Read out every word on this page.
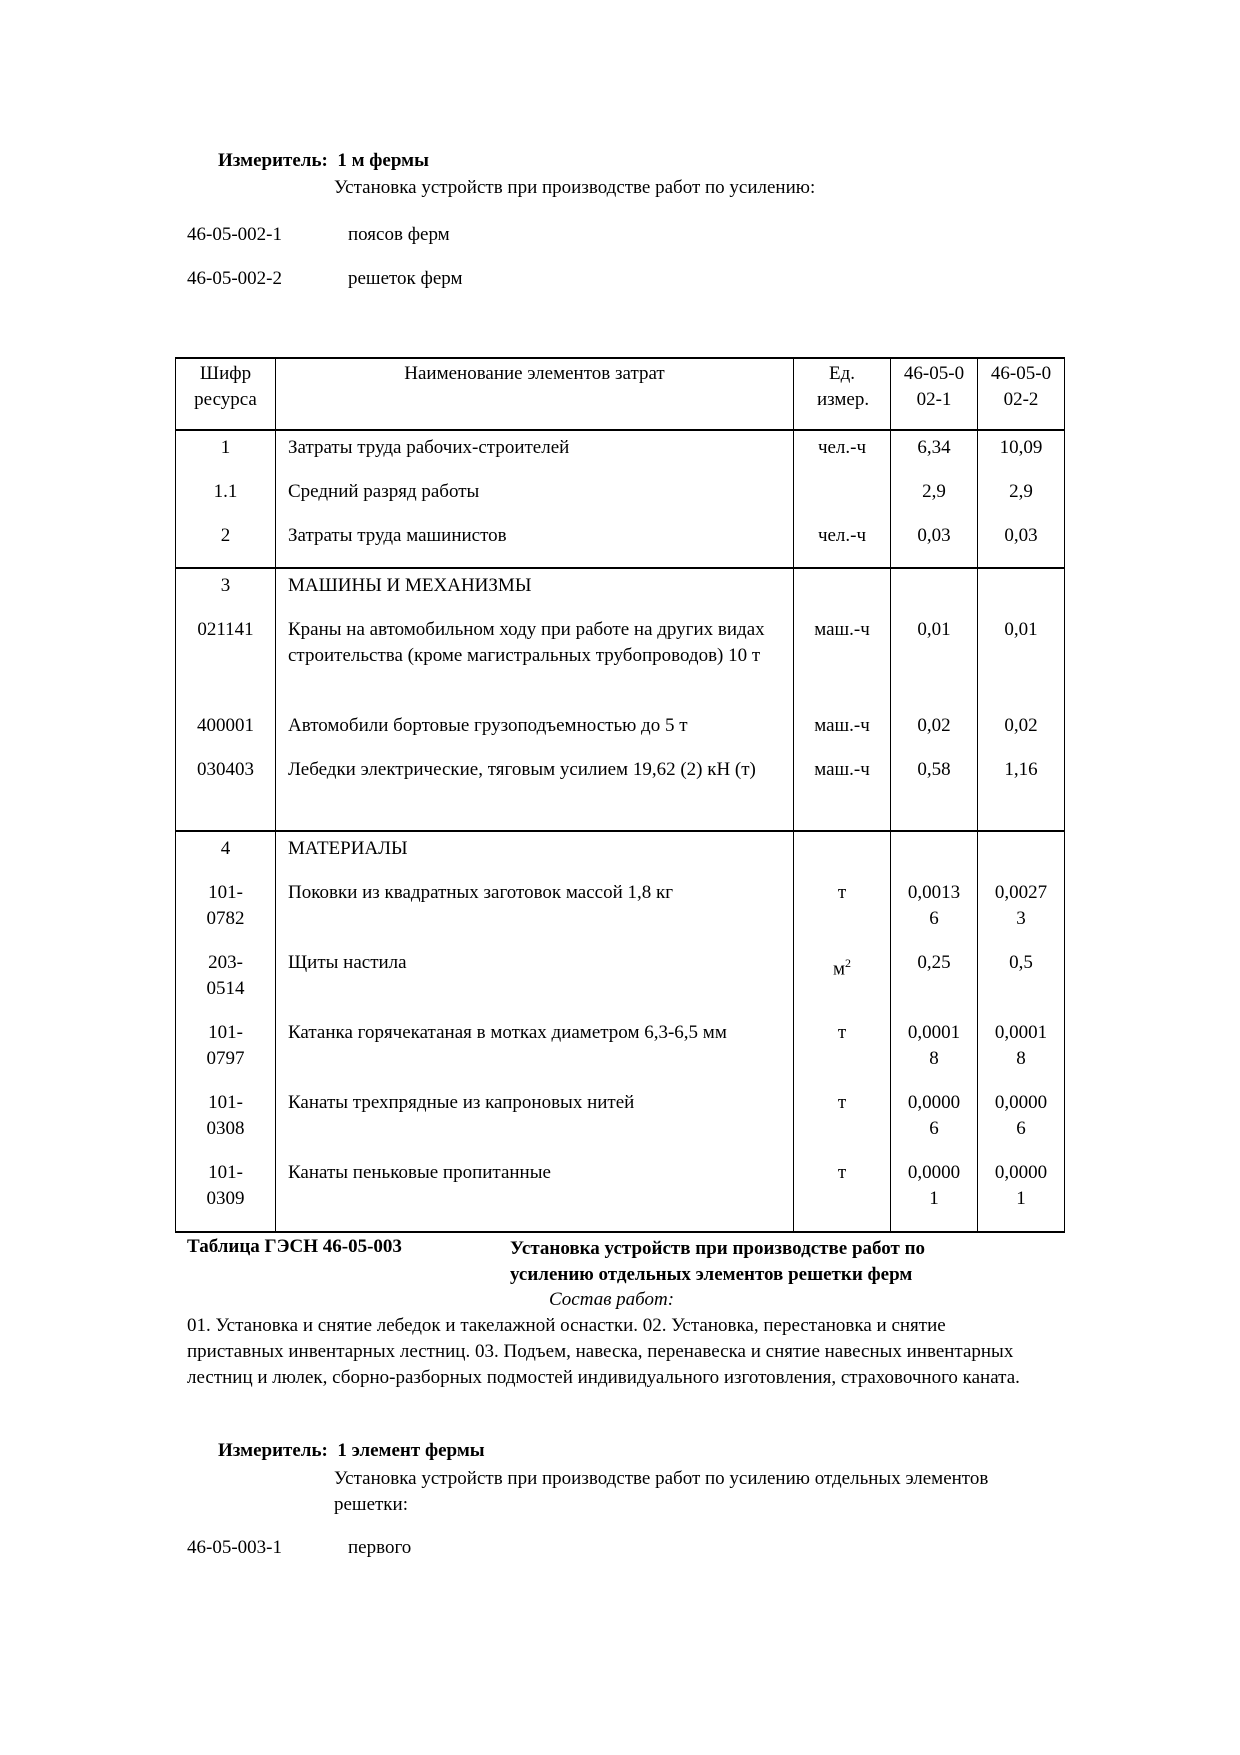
Измеритель: 1 м фермы
Установка устройств при производстве работ по усилению:
46-05-002-1	поясов ферм
46-05-002-2	решеток ферм
Шифр ресурса	Наименование элементов затрат	Ед. измер.	46-05-002-1	46-05-002-2
1	Затраты труда рабочих-строителей	чел.-ч	6,34	10,09
1.1	Средний разряд работы		2,9	2,9
2	Затраты труда машинистов	чел.-ч	0,03	0,03
3	МАШИНЫ И МЕХАНИЗМЫ			
021141	Краны на автомобильном ходу при работе на других видах строительства (кроме магистральных трубопроводов) 10 т	маш.-ч	0,01	0,01
400001	Автомобили бортовые грузоподъемностью до 5 т	маш.-ч	0,02	0,02
030403	Лебедки электрические, тяговым усилием 19,62 (2) кН (т)	маш.-ч	0,58	1,16
4	МАТЕРИАЛЫ			
101-0782	Поковки из квадратных заготовок массой 1,8 кг	т	0,00136	0,00273
203-0514	Щиты настила	$м^2$	0,25	0,5
101-0797	Катанка горячекатаная в мотках диаметром 6,3-6,5 мм	т	0,00018	0,00018
101-0308	Канаты трехпрядные из капроновых нитей	т	0,00006	0,00006
101-0309	Канаты пеньковые пропитанные	т	0,00001	0,00001
Таблица ГЭСН 46-05-003	Установка устройств при производстве работ по усилению отдельных элементов решетки ферм
Состав работ:
01. Установка и снятие лебедок и такелажной оснастки. 02. Установка, перестановка и снятие приставных инвентарных лестниц. 03. Подъем, навеска, перенавеска и снятие навесных инвентарных лестниц и люлек, сборно-разборных подмостей индивидуального изготовления, страховочного каната.
Измеритель: 1 элемент фермы
Установка устройств при производстве работ по усилению отдельных элементов решетки:
46-05-003-1	первого
